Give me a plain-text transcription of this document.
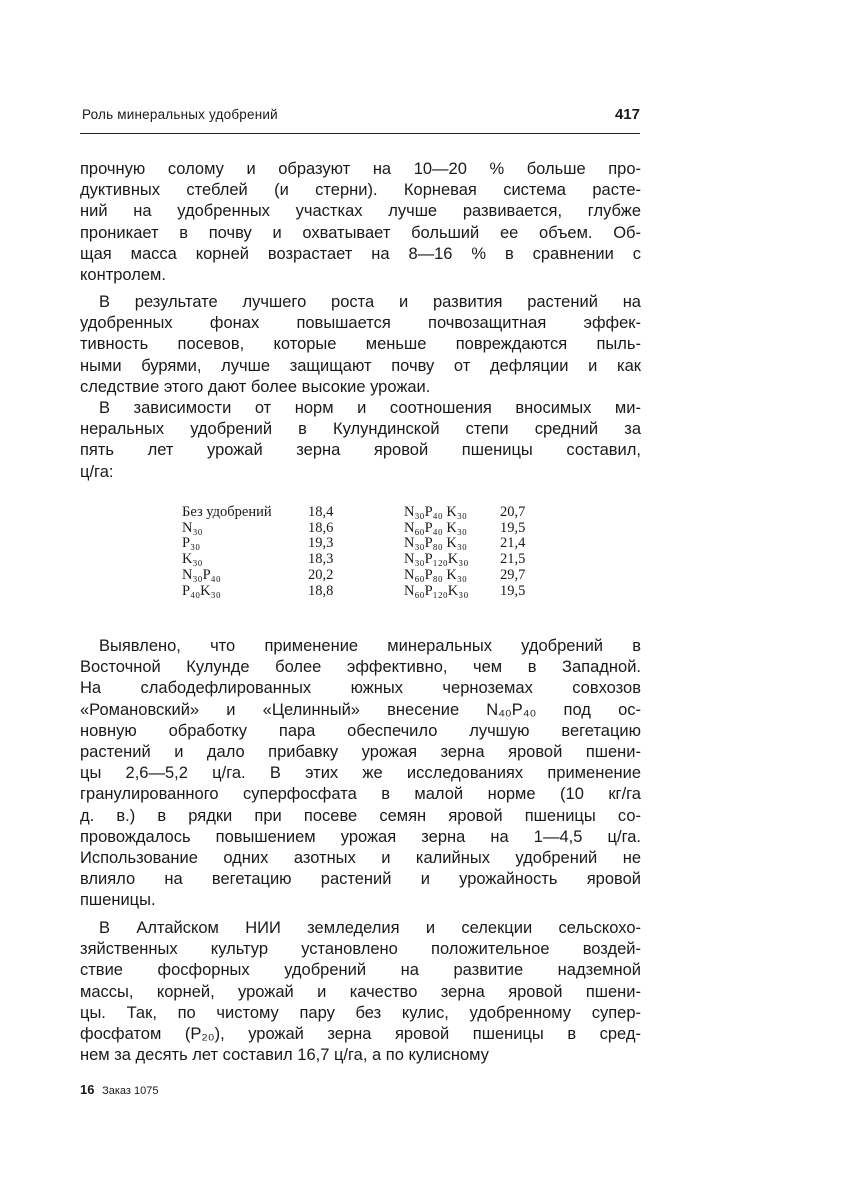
Роль минеральных удобрений	417
прочную солому и образуют на 10—20 % больше про-
дуктивных стеблей (и стерни). Корневая система расте-
ний на удобренных участках лучше развивается, глубже
проникает в почву и охватывает больший ее объем. Об-
щая масса корней возрастает на 8—16 % в сравнении с
контролем.
В результате лучшего роста и развития растений на
удобренных фонах повышается почвозащитная эффек-
тивность посевов, которые меньше повреждаются пыль-
ными бурями, лучше защищают почву от дефляции и как
следствие этого дают более высокие урожаи.
В зависимости от норм и соотношения вносимых ми-
неральных удобрений в Кулундинской степи средний за
пять лет урожай зерна яровой пшеницы составил,
ц/га:
Без удобрений	18,4	N₃₀P₄₀ K₃₀	20,7
N₃₀	18,6	N₆₀P₄₀ K₃₀	19,5
P₃₀	19,3	N₃₀P₈₀ K₃₀	21,4
K₃₀	18,3	N₃₀P₁₂₀K₃₀	21,5
N₃₀P₄₀	20,2	N₆₀P₈₀ K₃₀	29,7
P₄₀K₃₀	18,8	N₆₀P₁₂₀K₃₀	19,5
Выявлено, что применение минеральных удобрений в
Восточной Кулунде более эффективно, чем в Западной.
На слабодефлированных южных черноземах совхозов
«Романовский» и «Целинный» внесение N₄₀P₄₀ под ос-
новную обработку пара обеспечило лучшую вегетацию
растений и дало прибавку урожая зерна яровой пшени-
цы 2,6—5,2 ц/га. В этих же исследованиях применение
гранулированного суперфосфата в малой норме (10 кг/га
д. в.) в рядки при посеве семян яровой пшеницы со-
провождалось повышением урожая зерна на 1—4,5 ц/га.
Использование одних азотных и калийных удобрений не
влияло на вегетацию растений и урожайность яровой
пшеницы.
В Алтайском НИИ земледелия и селекции сельскохо-
зяйственных культур установлено положительное воздей-
ствие фосфорных удобрений на развитие надземной
массы, корней, урожай и качество зерна яровой пшени-
цы. Так, по чистому пару без кулис, удобренному супер-
фосфатом (P₂₀), урожай зерна яровой пшеницы в сред-
нем за десять лет составил 16,7 ц/га, а по кулисному
16 Заказ 1075
